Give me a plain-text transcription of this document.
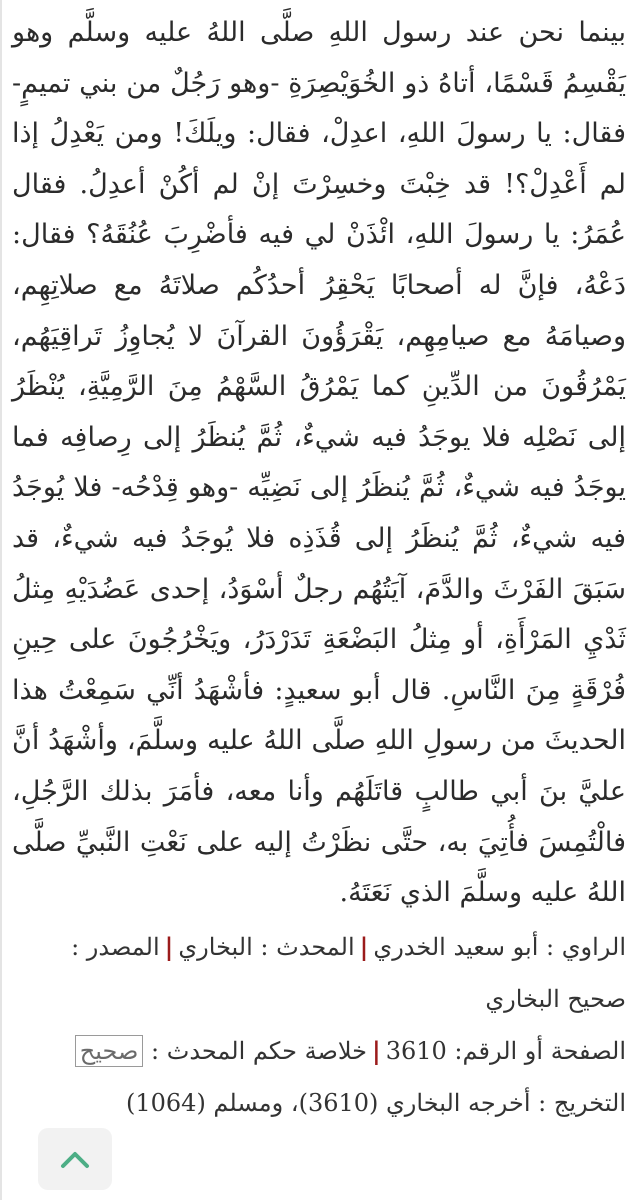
بينما نحن عند رسول اللهِ صلَّى اللهُ عليه وسلَّم وهو يَقْسِمُ قَسْمًا، أتاهُ ذو الخُوَيْصِرَةِ -وهو رَجُلٌ من بني تميمٍ- فقال: يا رسولَ اللهِ، اعدِلْ، فقال: ويلَكَ! ومن يَعْدِلُ إذا لم أَعْدِلْ؟! قد خِبْتَ وخسِرْتَ إنْ لم أكُنْ أعدِلُ. فقال عُمَرُ: يا رسولَ اللهِ، ائْذَنْ لي فيه فأضْرِبَ عُنُقَهُ؟ فقال: دَعْهُ، فإنَّ له أصحابًا يَحْقِرُ أحدُكُم صلاتَهُ مع صلاتِهِم، وصيامَهُ مع صيامِهِم، يَقْرَؤُونَ القرآنَ لا يُجاوِزُ تَراقِيَهُم، يَمْرُقُونَ من الدِّينِ كما يَمْرُقُ السَّهْمُ مِنَ الرَّمِيَّةِ، يُنْظَرُ إلى نَصْلِه فلا يوجَدُ فيه شيءٌ، ثُمَّ يُنظَرُ إلى رِصافِه فما يوجَدُ فيه شيءٌ، ثُمَّ يُنظَرُ إلى نَضِيِّه -وهو قِدْحُه- فلا يُوجَدُ فيه شيءٌ، ثُمَّ يُنظَرُ إلى قُذَذِه فلا يُوجَدُ فيه شيءٌ، قد سَبَقَ الفَرْثَ والدَّمَ، آيَتُهُم رجلٌ أسْوَدُ، إحدى عَضُدَيْهِ مِثلُ ثَدْيِ المَرْأَةِ، أو مِثلُ البَضْعَةِ تَدَرْدَرُ، ويَخْرُجُونَ على حِينِ فُرْقَةٍ مِنَ النَّاسِ. قال أبو سعيدٍ: فأشْهَدُ أنِّي سَمِعْتُ هذا الحديثَ من رسولِ اللهِ صلَّى اللهُ عليه وسلَّمَ، وأشْهَدُ أنَّ عليَّ بنَ أبي طالبٍ قاتَلَهُم وأنا معه، فأمَرَ بذلك الرَّجُلِ، فالْتُمِسَ فأُتِيَ به، حتَّى نظَرْتُ إليه على نَعْتِ النَّبيِّ صلَّى اللهُ عليه وسلَّمَ الذي نَعَتَهُ.

الراوي : أبو سعيد الخدري|المحدث : البخاري|المصدر :
صحيح البخاري
الصفحة أو الرقم: 3610|خلاصة حكم المحدث : صحيح
التخريج : أخرجه البخاري (3610)، ومسلم (1064)
